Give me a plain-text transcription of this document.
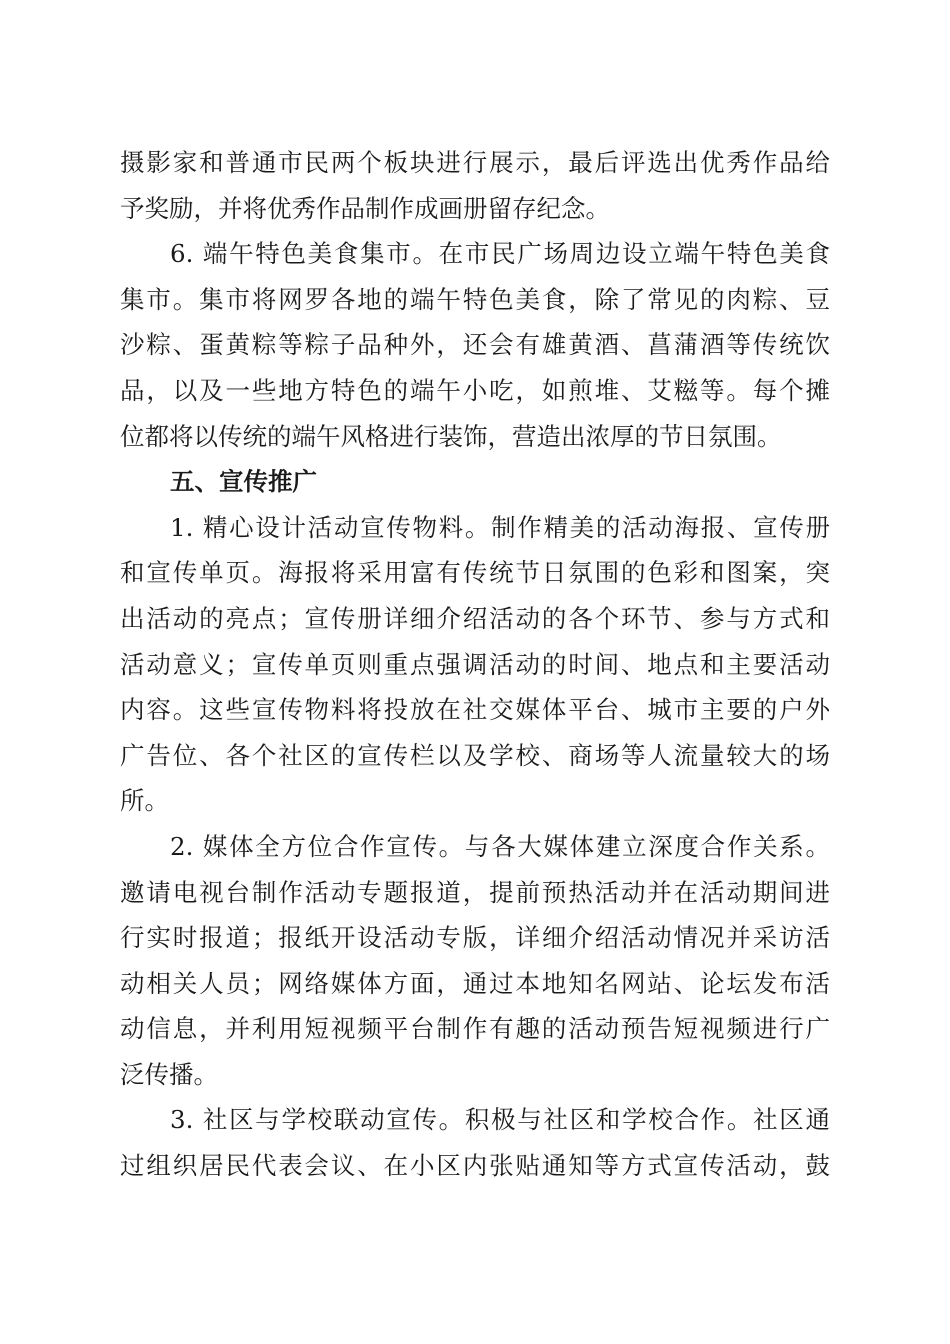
摄影家和普通市民两个板块进行展示，最后评选出优秀作品给
予奖励，并将优秀作品制作成画册留存纪念。
6. 端午特色美食集市。在市民广场周边设立端午特色美食
集市。集市将网罗各地的端午特色美食，除了常见的肉粽、豆
沙粽、蛋黄粽等粽子品种外，还会有雄黄酒、菖蒲酒等传统饮
品，以及一些地方特色的端午小吃，如煎堆、艾糍等。每个摊
位都将以传统的端午风格进行装饰，营造出浓厚的节日氛围。
五、宣传推广
1. 精心设计活动宣传物料。制作精美的活动海报、宣传册
和宣传单页。海报将采用富有传统节日氛围的色彩和图案，突
出活动的亮点；宣传册详细介绍活动的各个环节、参与方式和
活动意义；宣传单页则重点强调活动的时间、地点和主要活动
内容。这些宣传物料将投放在社交媒体平台、城市主要的户外
广告位、各个社区的宣传栏以及学校、商场等人流量较大的场
所。
2. 媒体全方位合作宣传。与各大媒体建立深度合作关系。
邀请电视台制作活动专题报道，提前预热活动并在活动期间进
行实时报道；报纸开设活动专版，详细介绍活动情况并采访活
动相关人员；网络媒体方面，通过本地知名网站、论坛发布活
动信息，并利用短视频平台制作有趣的活动预告短视频进行广
泛传播。
3. 社区与学校联动宣传。积极与社区和学校合作。社区通
过组织居民代表会议、在小区内张贴通知等方式宣传活动，鼓
